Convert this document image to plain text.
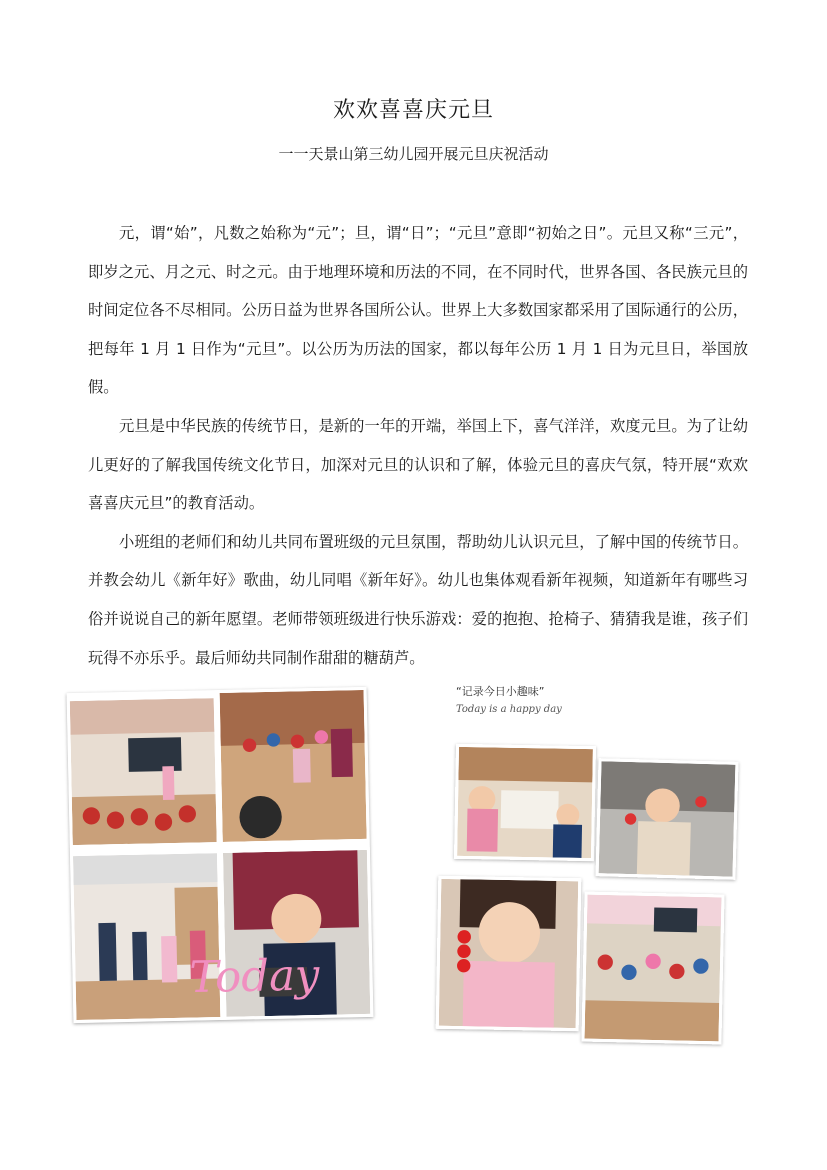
欢欢喜喜庆元旦
一一天景山第三幼儿园开展元旦庆祝活动

元，谓“始”，凡数之始称为“元”；旦，谓“日”；“元旦”意即“初始之日”。元旦又称“三元”，即岁之元、月之元、时之元。由于地理环境和历法的不同，在不同时代，世界各国、各民族元旦的时间定位各不尽相同。公历日益为世界各国所公认。世界上大多数国家都采用了国际通行的公历，把每年 1 月 1 日作为“元旦”。以公历为历法的国家，都以每年公历 1 月 1 日为元旦日，举国放假。

元旦是中华民族的传统节日，是新的一年的开端，举国上下，喜气洋洋，欢度元旦。为了让幼儿更好的了解我国传统文化节日，加深对元旦的认识和了解，体验元旦的喜庆气氛，特开展“欢欢喜喜庆元旦”的教育活动。

小班组的老师们和幼儿共同布置班级的元旦氛围，帮助幼儿认识元旦，了解中国的传统节日。并教会幼儿《新年好》歌曲，幼儿同唱《新年好》。幼儿也集体观看新年视频，知道新年有哪些习俗并说说自己的新年愿望。老师带领班级进行快乐游戏：爱的抱抱、抢椅子、猜猜我是谁，孩子们玩得不亦乐乎。最后师幼共同制作甜甜的糖葫芦。

Today
“记录今日小趣味”
Today is a happy day
